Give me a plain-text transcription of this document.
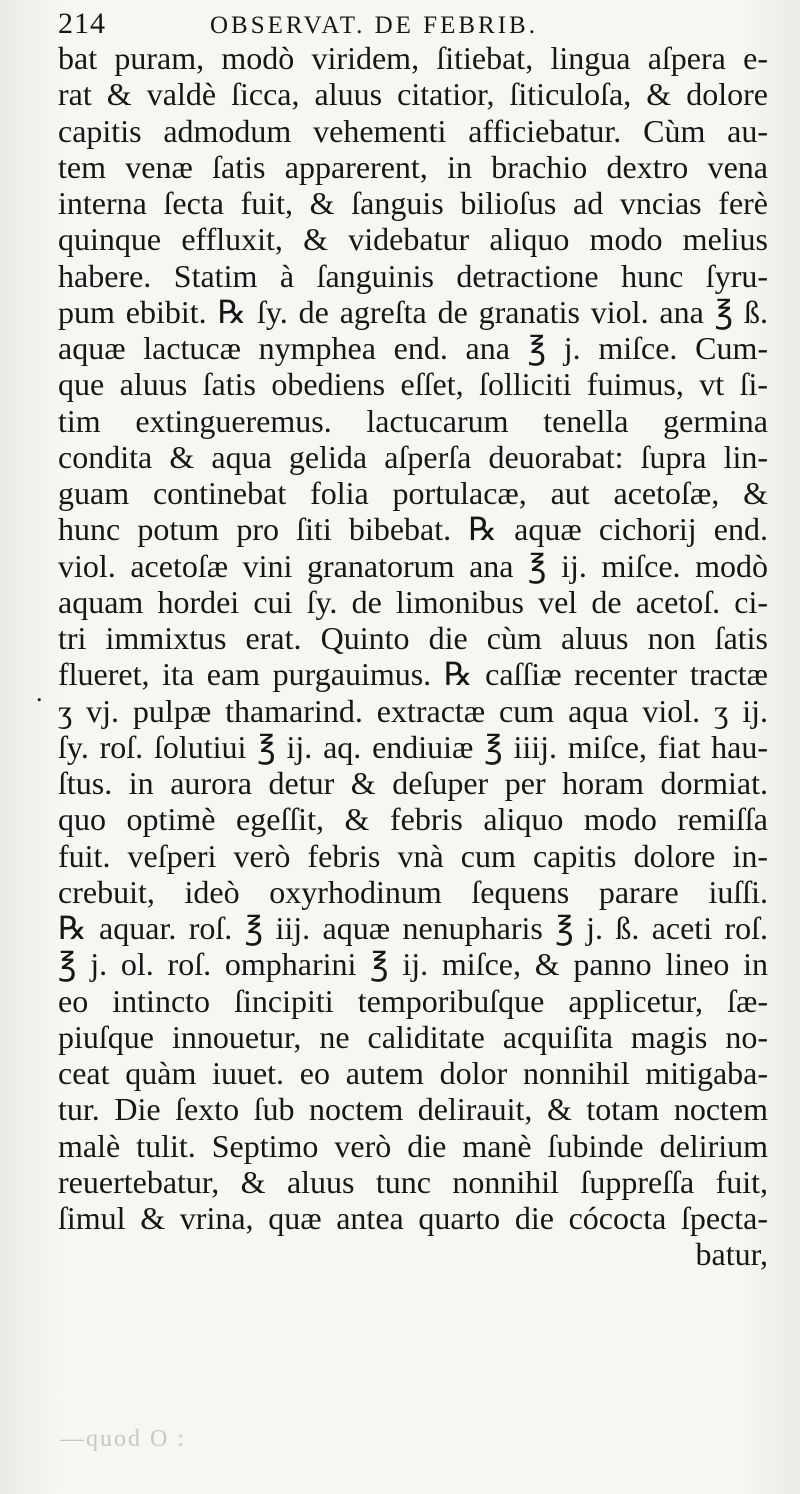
214	OBSERVAT. DE FEBRIB.
.
bat puram, modò viridem, ſitiebat, lingua aſpera e-
rat & valdè ſicca, aluus citatior, ſiticuloſa, & dolore
capitis admodum vehementi afficiebatur. Cùm au-
tem venæ ſatis apparerent, in brachio dextro vena
interna ſecta fuit, & ſanguis bilioſus ad vncias ferè
quinque effluxit, & videbatur aliquo modo melius
habere. Statim à ſanguinis detractione hunc ſyru-
pum ebibit. ℞ ſy. de agreſta de granatis viol. ana ℥ ß.
aquæ lactucæ nymphea end. ana ℥ j. miſce. Cum-
que aluus ſatis obediens eſſet, ſolliciti fuimus, vt ſi-
tim extingueremus. lactucarum tenella germina
condita & aqua gelida aſperſa deuorabat: ſupra lin-
guam continebat folia portulacæ, aut acetoſæ, &
hunc potum pro ſiti bibebat. ℞ aquæ cichorij end.
viol. acetoſæ vini granatorum ana ℥ ij. miſce. modò
aquam hordei cui ſy. de limonibus vel de acetoſ. ci-
tri immixtus erat. Quinto die cùm aluus non ſatis
flueret, ita eam purgauimus. ℞ caſſiæ recenter tractæ
ʒ vj. pulpæ thamarind. extractæ cum aqua viol. ʒ ij.
ſy. roſ. ſolutiui ℥ ij. aq. endiuiæ ℥ iiij. miſce, fiat hau-
ſtus. in aurora detur & deſuper per horam dormiat.
quo optimè egeſſit, & febris aliquo modo remiſſa
fuit. veſperi verò febris vnà cum capitis dolore in-
crebuit, ideò oxyrhodinum ſequens parare iuſſi.
℞ aquar. roſ. ℥ iij. aquæ nenupharis ℥ j. ß. aceti roſ.
℥ j. ol. roſ. ompharini ℥ ij. miſce, & panno lineo in
eo intincto ſincipiti temporibuſque applicetur, ſæ-
piuſque innouetur, ne caliditate acquiſita magis no-
ceat quàm iuuet. eo autem dolor nonnihil mitigaba-
tur. Die ſexto ſub noctem delirauit, & totam noctem
malè tulit. Septimo verò die manè ſubinde delirium
reuertebatur, & aluus tunc nonnihil ſuppreſſa fuit,
ſimul & vrina, quæ antea quarto die cócocta ſpecta-
batur,
—quod O :
